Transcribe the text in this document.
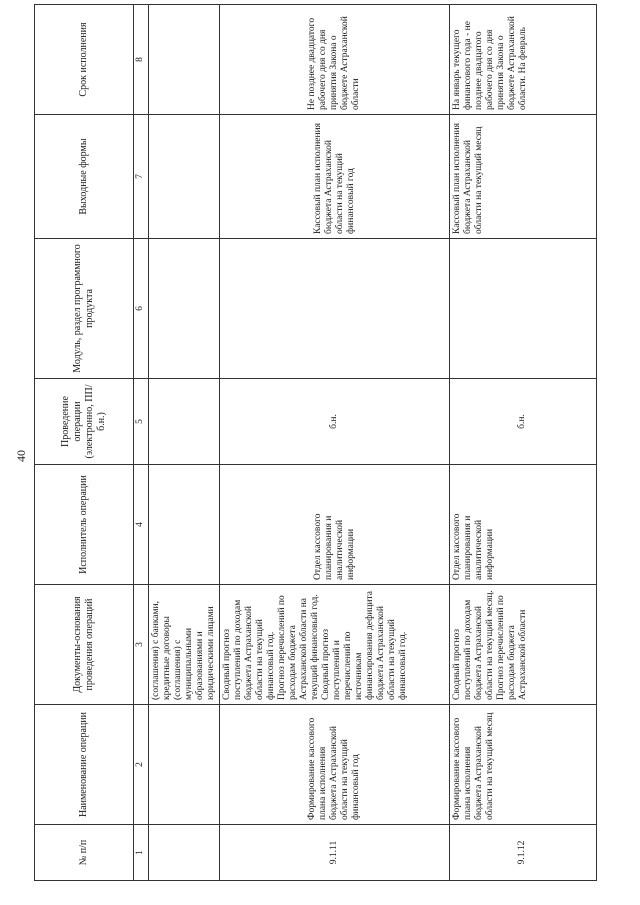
40
№ п/п	Наименование операции	Документы-основания проведения операций	Исполнитель операции	Проведение операции (электронно, ПП/б.н.)	Модуль, раздел программного продукта	Выходные формы	Срок исполнения
1	2	3	4	5	6	7	8
		(соглашения) с банками, кредитные договоры (соглашения) с муниципальными образованиями и юридическими лицами					
9.1.11	Формирование кассового плана исполнения бюджета Астраханской области на текущий финансовый год	Сводный прогноз поступлений по доходам бюджета Астраханской области на текущий финансовый год.
Прогноз перечислений по расходам бюджета Астраханской области на текущий финансовый год.
Сводный прогноз поступлений и перечислений по источникам финансирования дефицита бюджета Астраханской области на текущий финансовый год.	Отдел кассового планирования и аналитической информации	б.н.		Кассовый план исполнения бюджета Астраханской области на текущий финансовый год	Не позднее двадцатого рабочего дня со дня принятия Закона о бюджете Астраханской области
9.1.12	Формирование кассового плана исполнения бюджета Астраханской области на текущий месяц	Сводный прогноз поступлений по доходам бюджета Астраханской области на текущий месяц. Прогноз перечислений по расходам бюджета Астраханской области	Отдел кассового планирования и аналитической информации	б.н.		Кассовый план исполнения бюджета Астраханской области на текущий месяц	На январь текущего финансового года - не позднее двадцатого рабочего дня со дня принятия Закона о бюджете Астраханской области. На февраль
